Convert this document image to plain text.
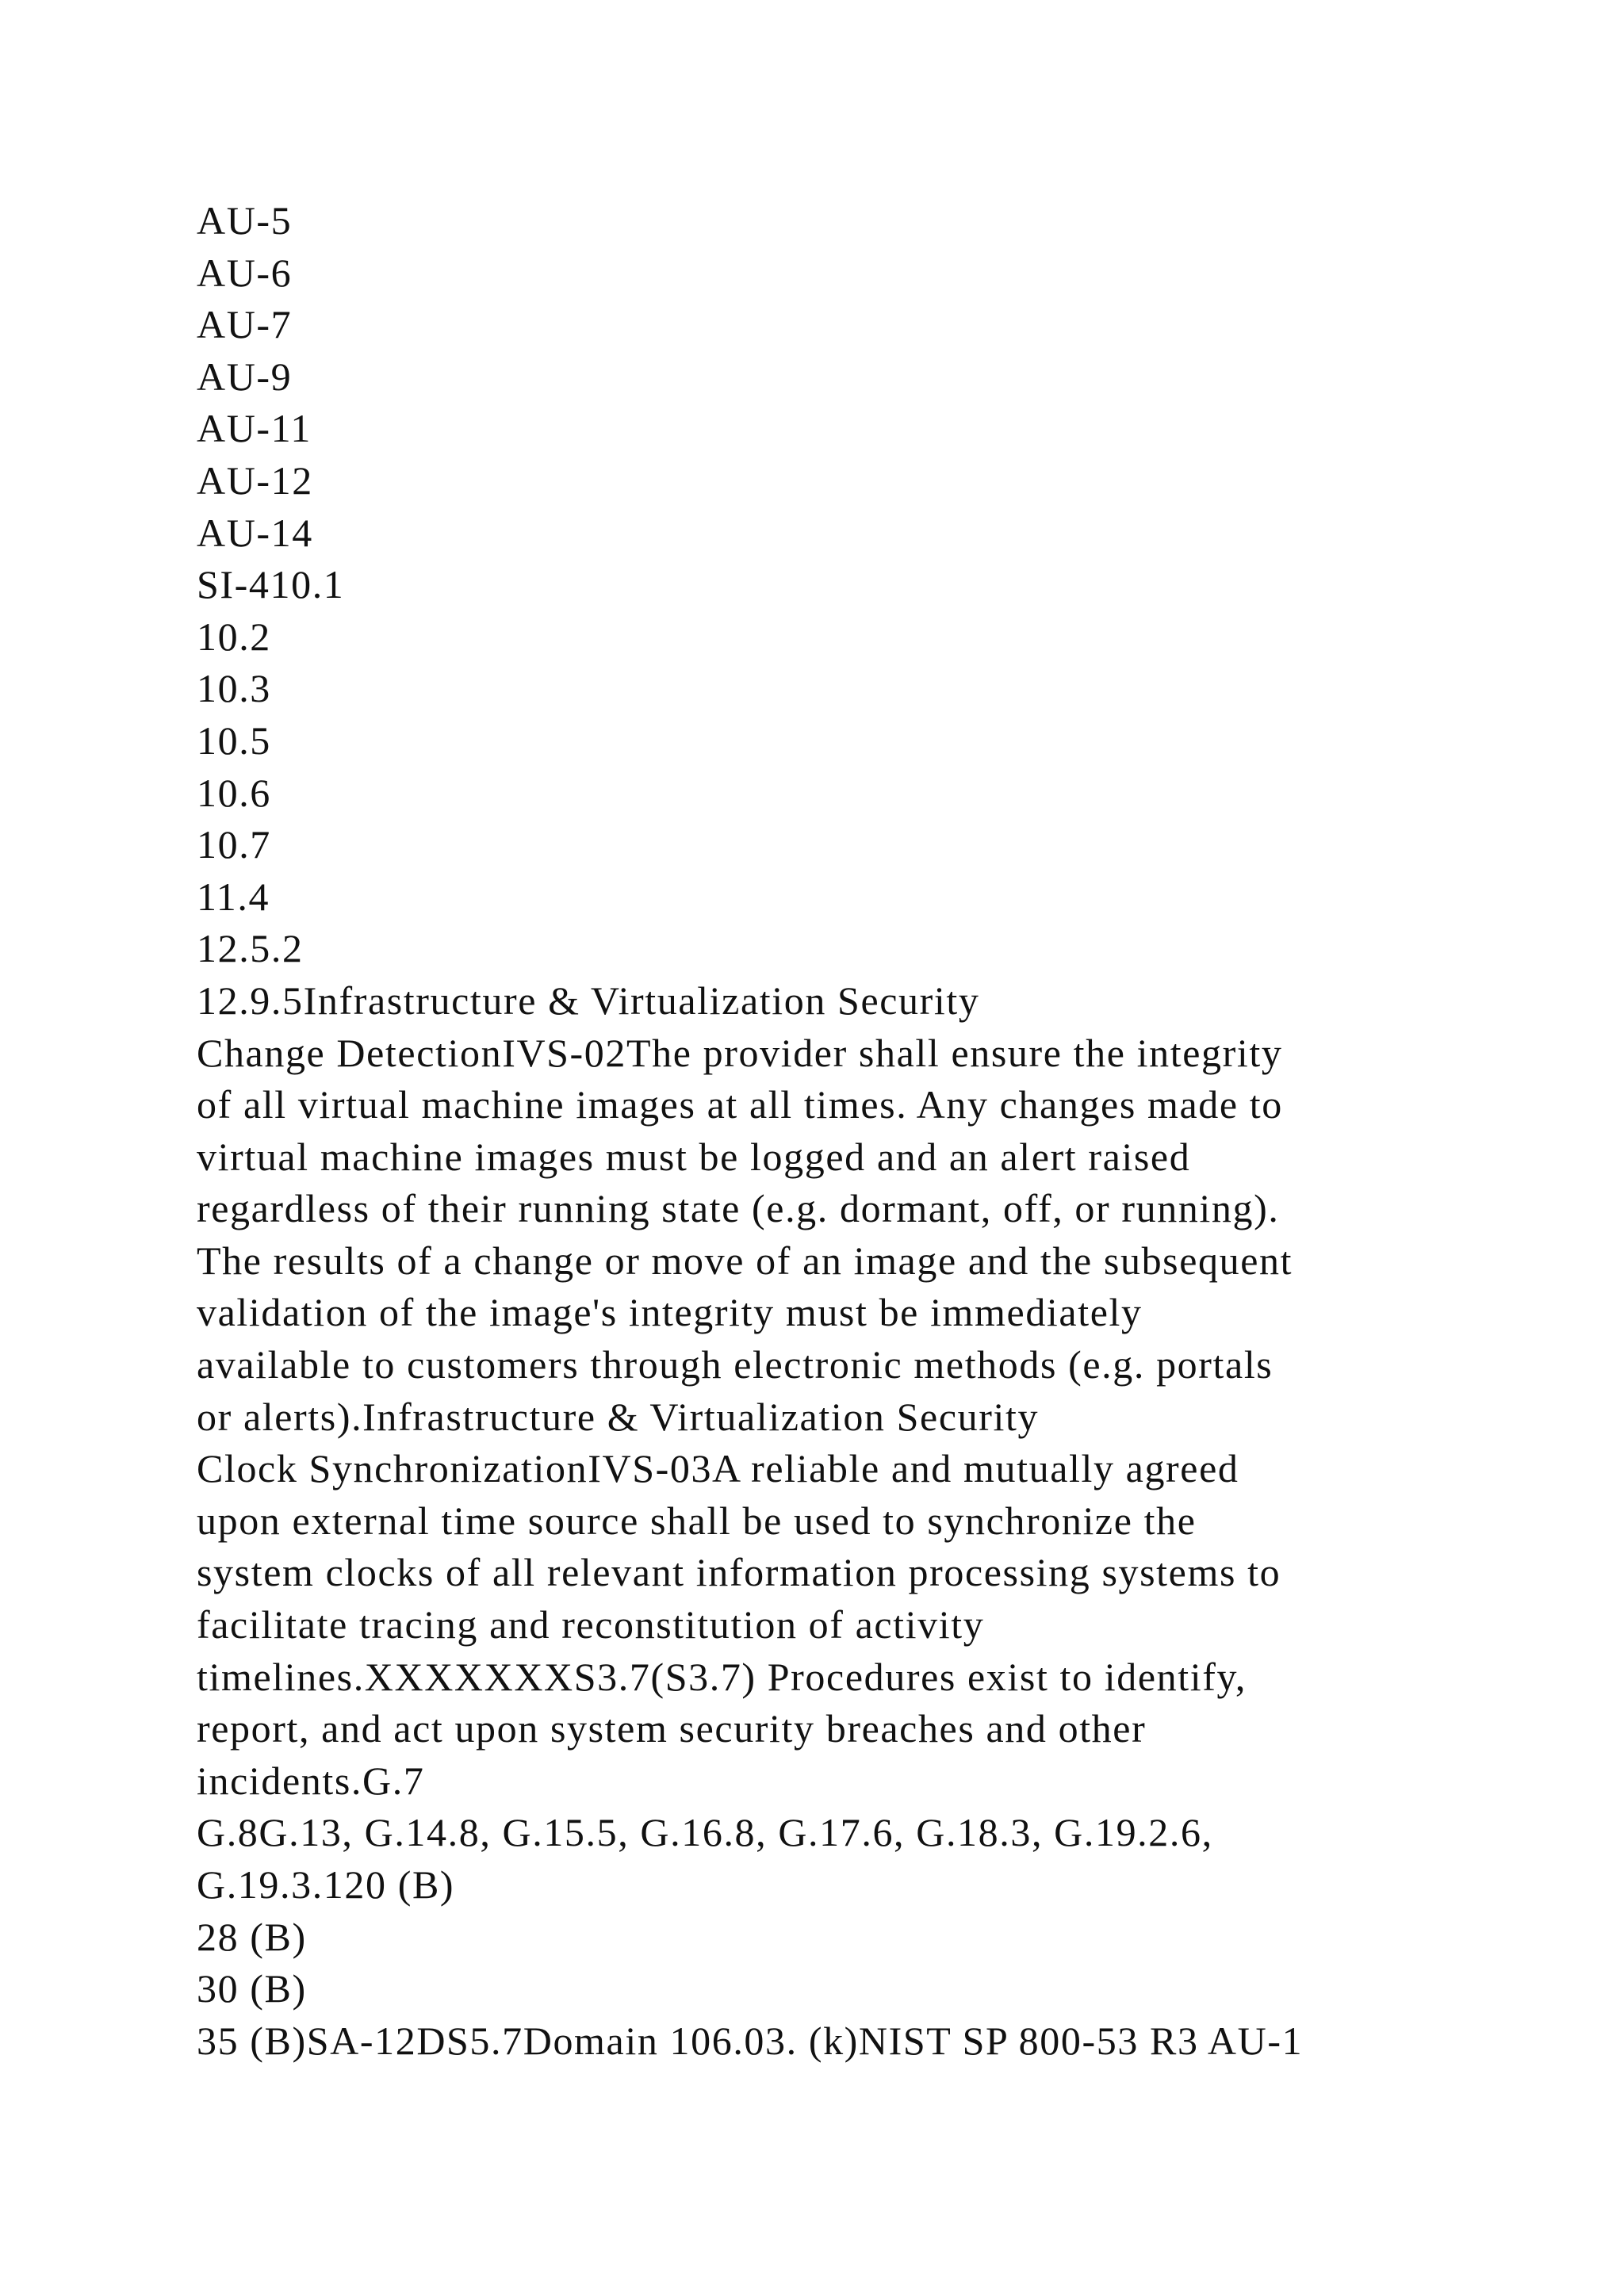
AU-5
AU-6
AU-7
AU-9
AU-11
AU-12
AU-14
SI-410.1
10.2
10.3
10.5
10.6
10.7
11.4
12.5.2
12.9.5Infrastructure & Virtualization Security
Change DetectionIVS-02The provider shall ensure the integrity
of all virtual machine images at all times. Any changes made to
virtual machine images must be logged and an alert raised
regardless of their running state (e.g. dormant, off, or running).
The results of a change or move of an image and the subsequent
validation of the image's integrity must be immediately
available to customers through electronic methods (e.g. portals
or alerts).Infrastructure & Virtualization Security
Clock SynchronizationIVS-03A reliable and mutually agreed
upon external time source shall be used to synchronize the
system clocks of all relevant information processing systems to
facilitate tracing and reconstitution of activity
timelines.XXXXXXXS3.7(S3.7) Procedures exist to identify,
report, and act upon system security breaches and other
incidents.G.7
G.8G.13, G.14.8, G.15.5, G.16.8, G.17.6, G.18.3, G.19.2.6,
G.19.3.120 (B)
28 (B)
30 (B)
35 (B)SA-12DS5.7Domain 106.03. (k)NIST SP 800-53 R3 AU-1
